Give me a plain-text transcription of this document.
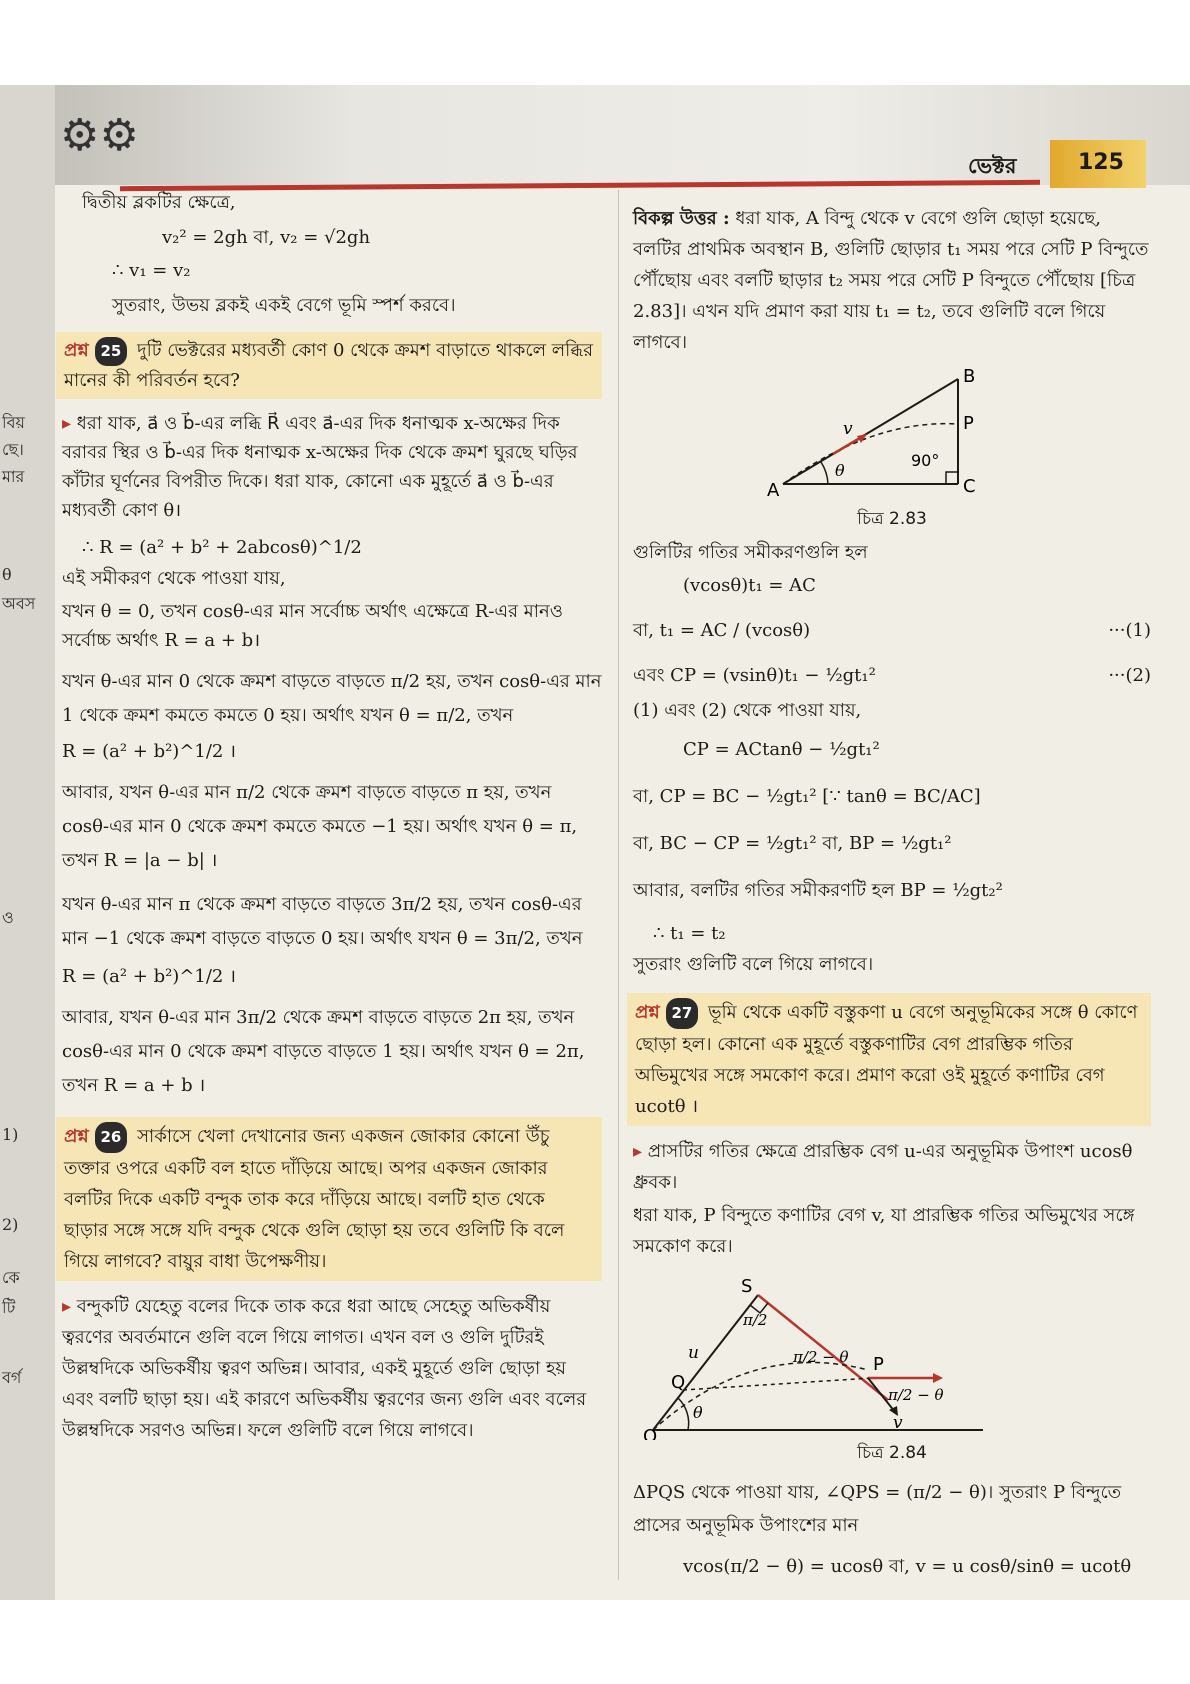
বিয়
ছে।
মার
θ
অবস
ও
1)
2)
কে
টি
বর্গ
⚙⚙
ভেক্টর	125

দ্বিতীয় ব্লকটির ক্ষেত্রে,

v₂² = 2gh বা, v₂ = √2gh

∴ v₁ = v₂

সুতরাং, উভয় ব্লকই একই বেগে ভূমি স্পর্শ করবে।

প্রশ্ন 25 দুটি ভেক্টরের মধ্যবর্তী কোণ 0 থেকে ক্রমশ বাড়াতে থাকলে লব্ধির মানের কী পরিবর্তন হবে?

▸ ধরা যাক, a⃗ ও b⃗-এর লব্ধি R⃗ এবং a⃗-এর দিক ধনাত্মক x-অক্ষের দিক বরাবর স্থির ও b⃗-এর দিক ধনাত্মক x-অক্ষের দিক থেকে ক্রমশ ঘুরছে ঘড়ির কাঁটার ঘূর্ণনের বিপরীত দিকে। ধরা যাক, কোনো এক মুহূর্তে a⃗ ও b⃗-এর মধ্যবর্তী কোণ θ।

∴ R = (a² + b² + 2abcosθ)^1/2

এই সমীকরণ থেকে পাওয়া যায়,

যখন θ = 0, তখন cosθ-এর মান সর্বোচ্চ অর্থাৎ এক্ষেত্রে R-এর মানও সর্বোচ্চ অর্থাৎ R = a + b।

যখন θ-এর মান 0 থেকে ক্রমশ বাড়তে বাড়তে π/2 হয়, তখন cosθ-এর মান 1 থেকে ক্রমশ কমতে কমতে 0 হয়। অর্থাৎ যখন θ = π/2, তখন

R = (a² + b²)^1/2 ।

আবার, যখন θ-এর মান π/2 থেকে ক্রমশ বাড়তে বাড়তে π হয়, তখন cosθ-এর মান 0 থেকে ক্রমশ কমতে কমতে −1 হয়। অর্থাৎ যখন θ = π, তখন R = |a − b| ।

যখন θ-এর মান π থেকে ক্রমশ বাড়তে বাড়তে 3π/2 হয়, তখন cosθ-এর মান −1 থেকে ক্রমশ বাড়তে বাড়তে 0 হয়। অর্থাৎ যখন θ = 3π/2, তখন

R = (a² + b²)^1/2 ।

আবার, যখন θ-এর মান 3π/2 থেকে ক্রমশ বাড়তে বাড়তে 2π হয়, তখন cosθ-এর মান 0 থেকে ক্রমশ বাড়তে বাড়তে 1 হয়। অর্থাৎ যখন θ = 2π, তখন R = a + b ।

প্রশ্ন 26 সার্কাসে খেলা দেখানোর জন্য একজন জোকার কোনো উঁচু তক্তার ওপরে একটি বল হাতে দাঁড়িয়ে আছে। অপর একজন জোকার বলটির দিকে একটি বন্দুক তাক করে দাঁড়িয়ে আছে। বলটি হাত থেকে ছাড়ার সঙ্গে সঙ্গে যদি বন্দুক থেকে গুলি ছোড়া হয় তবে গুলিটি কি বলে গিয়ে লাগবে? বায়ুর বাধা উপেক্ষণীয়।

▸ বন্দুকটি যেহেতু বলের দিকে তাক করে ধরা আছে সেহেতু অভিকর্ষীয় ত্বরণের অবর্তমানে গুলি বলে গিয়ে লাগত। এখন বল ও গুলি দুটিরই উল্লম্বদিকে অভিকর্ষীয় ত্বরণ অভিন্ন। আবার, একই মুহূর্তে গুলি ছোড়া হয় এবং বলটি ছাড়া হয়। এই কারণে অভিকর্ষীয় ত্বরণের জন্য গুলি এবং বলের উল্লম্বদিকে সরণও অভিন্ন। ফলে গুলিটি বলে গিয়ে লাগবে।

বিকল্প উত্তর : ধরা যাক, A বিন্দু থেকে v বেগে গুলি ছোড়া হয়েছে, বলটির প্রাথমিক অবস্থান B, গুলিটি ছোড়ার t₁ সময় পরে সেটি P বিন্দুতে পৌঁছোয় এবং বলটি ছাড়ার t₂ সময় পরে সেটি P বিন্দুতে পৌঁছোয় [চিত্র 2.83]। এখন যদি প্রমাণ করা যায় t₁ = t₂, তবে গুলিটি বলে গিয়ে লাগবে।

A
B
C
P
v
θ
90°

চিত্র 2.83

গুলিটির গতির সমীকরণগুলি হল

(vcosθ)t₁ = AC

বা, t₁ = AC / (vcosθ)	···(1)

এবং CP = (vsinθ)t₁ − ½gt₁²	···(2)

(1) এবং (2) থেকে পাওয়া যায়,

CP = ACtanθ − ½gt₁²

বা, CP = BC − ½gt₁² [∵ tanθ = BC/AC]

বা, BC − CP = ½gt₁² বা, BP = ½gt₁²

আবার, বলটির গতির সমীকরণটি হল BP = ½gt₂²

∴ t₁ = t₂

সুতরাং গুলিটি বলে গিয়ে লাগবে।

প্রশ্ন 27 ভূমি থেকে একটি বস্তুকণা u বেগে অনুভূমিকের সঙ্গে θ কোণে ছোড়া হল। কোনো এক মুহূর্তে বস্তুকণাটির বেগ প্রারম্ভিক গতির অভিমুখের সঙ্গে সমকোণ করে। প্রমাণ করো ওই মুহূর্তে কণাটির বেগ ucotθ ।

▸ প্রাসটির গতির ক্ষেত্রে প্রারম্ভিক বেগ u-এর অনুভূমিক উপাংশ ucosθ ধ্রুবক।

ধরা যাক, P বিন্দুতে কণাটির বেগ v, যা প্রারম্ভিক গতির অভিমুখের সঙ্গে সমকোণ করে।

S
O
Q
P
u
v
θ
π/2
π/2 − θ
π/2 − θ

চিত্র 2.84

ΔPQS থেকে পাওয়া যায়, ∠QPS = (π/2 − θ)। সুতরাং P বিন্দুতে প্রাসের অনুভূমিক উপাংশের মান

vcos(π/2 − θ) = ucosθ বা, v = u cosθ/sinθ = ucotθ
